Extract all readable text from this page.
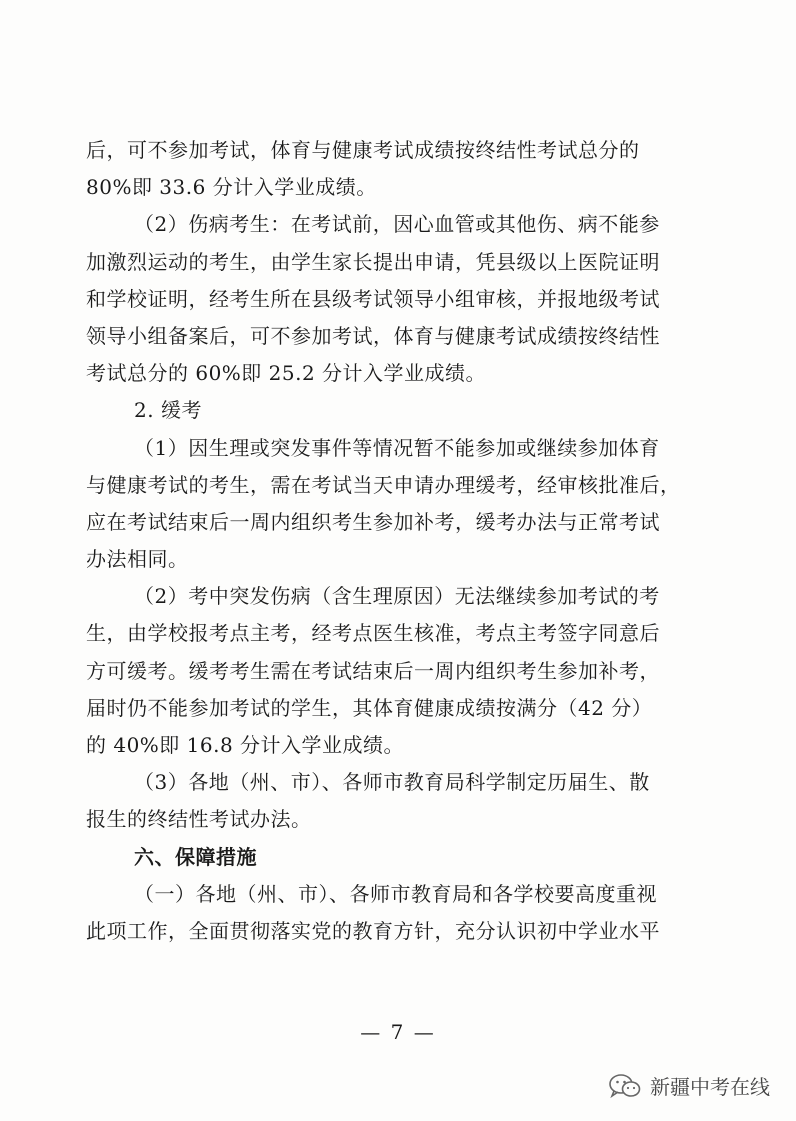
后，可不参加考试，体育与健康考试成绩按终结性考试总分的
80%即 33.6 分计入学业成绩。
（2）伤病考生：在考试前，因心血管或其他伤、病不能参
加激烈运动的考生，由学生家长提出申请，凭县级以上医院证明
和学校证明，经考生所在县级考试领导小组审核，并报地级考试
领导小组备案后，可不参加考试，体育与健康考试成绩按终结性
考试总分的 60%即 25.2 分计入学业成绩。
2. 缓考
（1）因生理或突发事件等情况暂不能参加或继续参加体育
与健康考试的考生，需在考试当天申请办理缓考，经审核批准后，
应在考试结束后一周内组织考生参加补考，缓考办法与正常考试
办法相同。
（2）考中突发伤病（含生理原因）无法继续参加考试的考
生，由学校报考点主考，经考点医生核准，考点主考签字同意后
方可缓考。缓考考生需在考试结束后一周内组织考生参加补考，
届时仍不能参加考试的学生，其体育健康成绩按满分（42 分）
的 40%即 16.8 分计入学业成绩。
（3）各地（州、市）、各师市教育局科学制定历届生、散
报生的终结性考试办法。
六、保障措施
（一）各地（州、市）、各师市教育局和各学校要高度重视
此项工作，全面贯彻落实党的教育方针，充分认识初中学业水平
— 7 —
新疆中考在线
